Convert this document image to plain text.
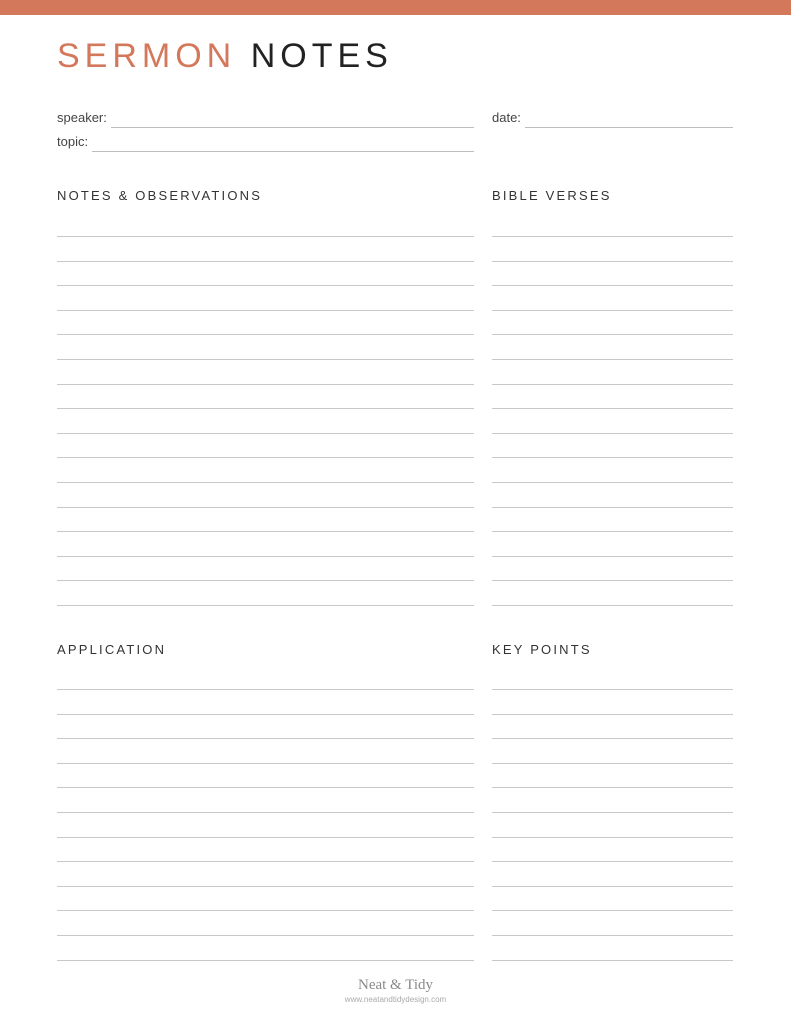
SERMON NOTES
speaker:	date:
topic:
NOTES & OBSERVATIONS	BIBLE VERSES
APPLICATION	KEY POINTS
Neat & Tidy
www.neatandtidydesign.com
